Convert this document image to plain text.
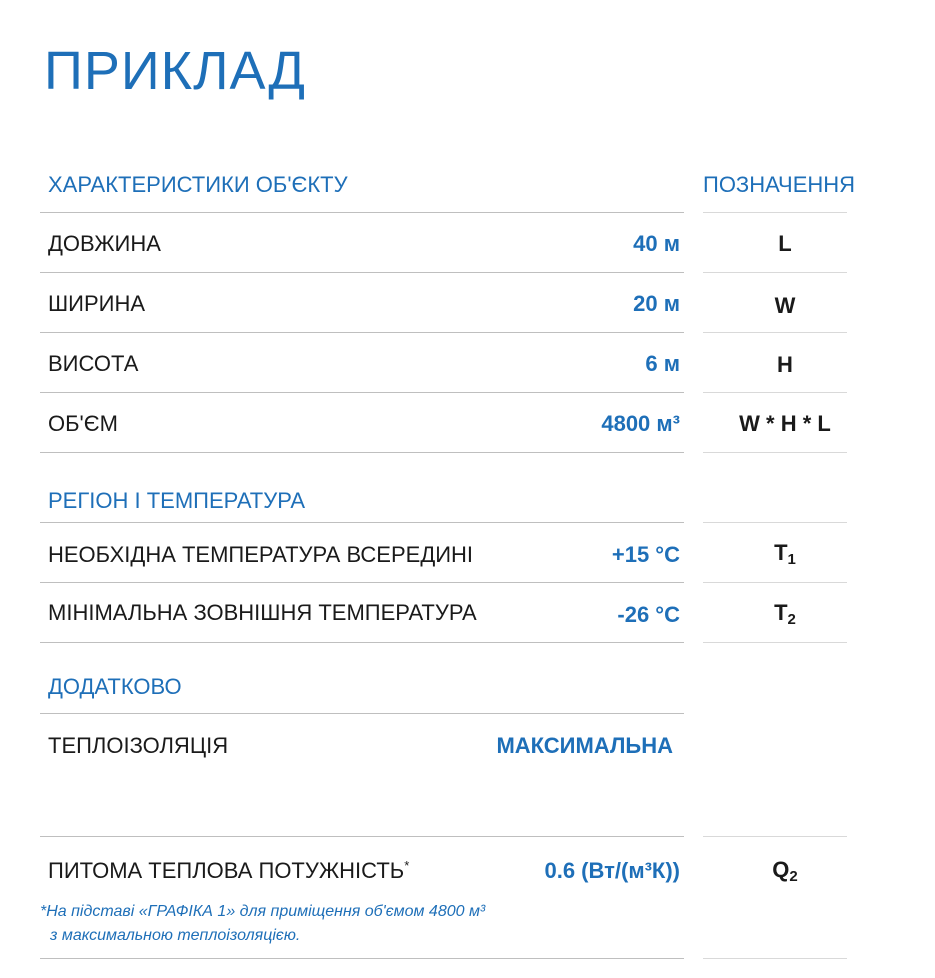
ПРИКЛАД
ХАРАКТЕРИСТИКИ ОБ'ЄКТУ	ПОЗНАЧЕННЯ
ДОВЖИНА	40 м	L
ШИРИНА	20 м	W
ВИСОТА	6 м	H
ОБ'ЄМ	4800 м³	W * H * L
РЕГІОН І ТЕМПЕРАТУРА
НЕОБХІДНА ТЕМПЕРАТУРА ВСЕРЕДИНІ	+15 °C	$T_1$
МІНІМАЛЬНА ЗОВНІШНЯ ТЕМПЕРАТУРА	-26 °C	$T_2$
ДОДАТКОВО
ТЕПЛОІЗОЛЯЦІЯ	МАКСИМАЛЬНА
ПИТОМА ТЕПЛОВА ПОТУЖНІСТЬ*	0.6 (Вт/(м³К))	$Q_2$
*На підставі «ГРАФІКА 1» для приміщення об'ємом 4800 м³
з максимальною теплоізоляцією.
